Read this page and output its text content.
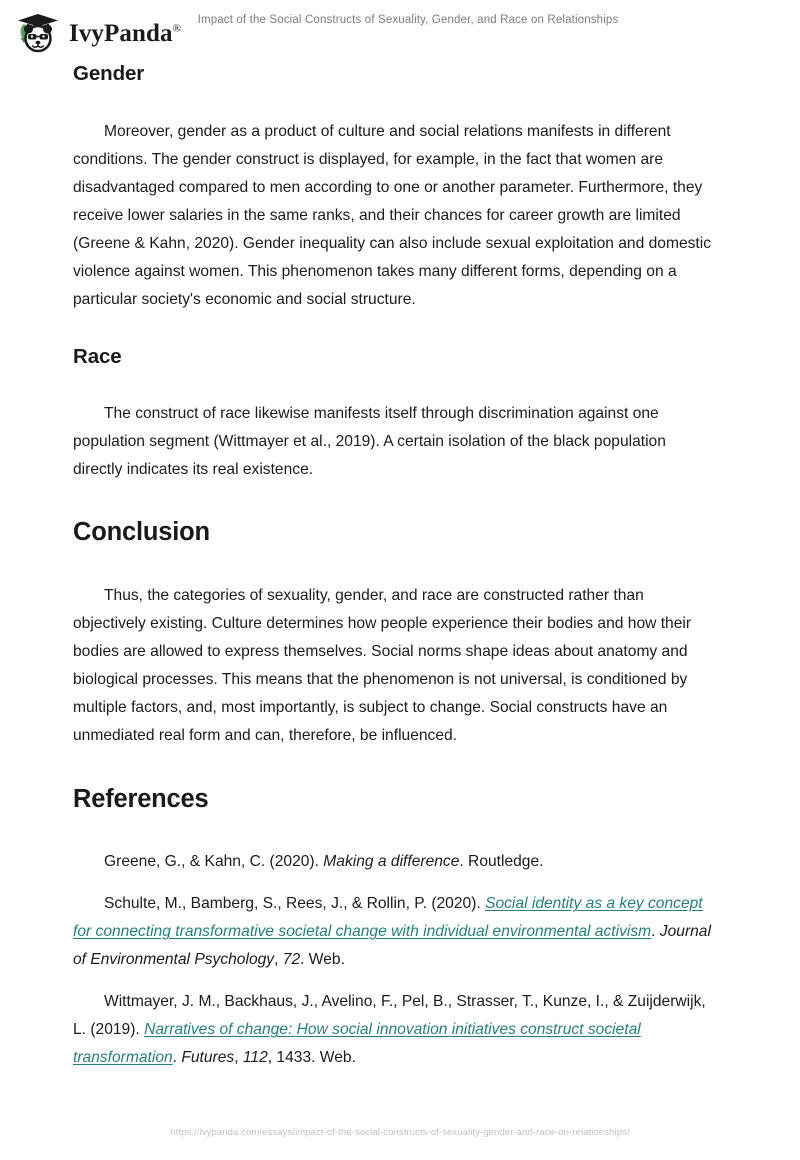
IvyPanda®
Impact of the Social Constructs of Sexuality, Gender, and Race on Relationships
Gender

Moreover, gender as a product of culture and social relations manifests in different conditions. The gender construct is displayed, for example, in the fact that women are disadvantaged compared to men according to one or another parameter. Furthermore, they receive lower salaries in the same ranks, and their chances for career growth are limited (Greene & Kahn, 2020). Gender inequality can also include sexual exploitation and domestic violence against women. This phenomenon takes many different forms, depending on a particular society's economic and social structure.

Race

The construct of race likewise manifests itself through discrimination against one population segment (Wittmayer et al., 2019). A certain isolation of the black population directly indicates its real existence.

Conclusion

Thus, the categories of sexuality, gender, and race are constructed rather than objectively existing. Culture determines how people experience their bodies and how their bodies are allowed to express themselves. Social norms shape ideas about anatomy and biological processes. This means that the phenomenon is not universal, is conditioned by multiple factors, and, most importantly, is subject to change. Social constructs have an unmediated real form and can, therefore, be influenced.

References

Greene, G., & Kahn, C. (2020). Making a difference. Routledge.

Schulte, M., Bamberg, S., Rees, J., & Rollin, P. (2020). Social identity as a key concept for connecting transformative societal change with individual environmental activism. Journal of Environmental Psychology, 72. Web.

Wittmayer, J. M., Backhaus, J., Avelino, F., Pel, B., Strasser, T., Kunze, I., & Zuijderwijk, L. (2019). Narratives of change: How social innovation initiatives construct societal transformation. Futures, 112, 1433. Web.

https://ivypanda.com/essays/impact-of-the-social-constructs-of-sexuality-gender-and-race-on-relationships/
